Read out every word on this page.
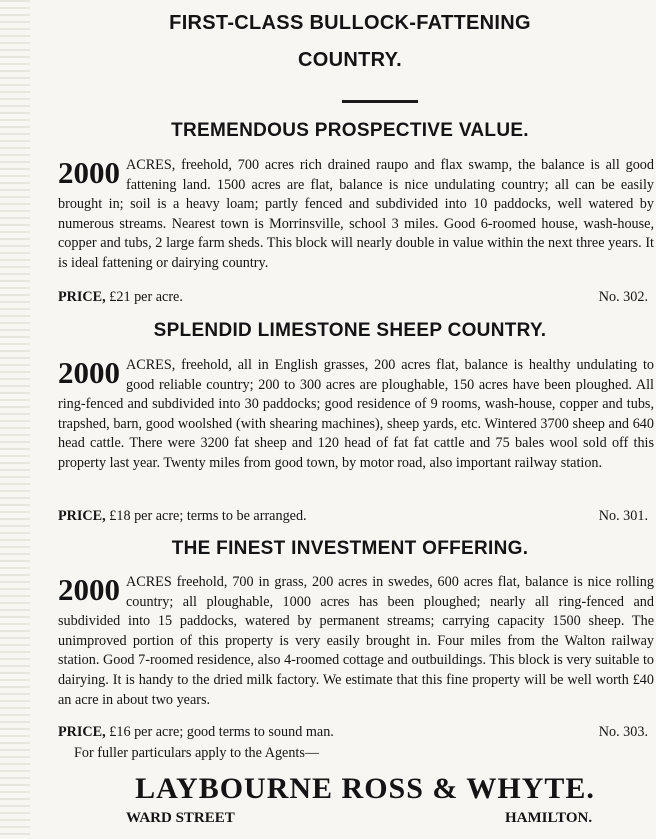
FIRST-CLASS BULLOCK-FATTENING
COUNTRY.
TREMENDOUS PROSPECTIVE VALUE.
2000 ACRES, freehold, 700 acres rich drained raupo and flax swamp, the balance is all good fattening land. 1500 acres are flat, balance is nice undulating country; all can be easily brought in; soil is a heavy loam; partly fenced and subdivided into 10 paddocks, well watered by numerous streams. Nearest town is Morrinsville, school 3 miles. Good 6-roomed house, wash-house, copper and tubs, 2 large farm sheds. This block will nearly double in value within the next three years. It is ideal fattening or dairying country.
PRICE, £21 per acre.	No. 302.
SPLENDID LIMESTONE SHEEP COUNTRY.
2000 ACRES, freehold, all in English grasses, 200 acres flat, balance is healthy undulating to good reliable country; 200 to 300 acres are ploughable, 150 acres have been ploughed. All ring-fenced and subdivided into 30 paddocks; good residence of 9 rooms, wash-house, copper and tubs, trapshed, barn, good woolshed (with shearing machines), sheep yards, etc. Wintered 3700 sheep and 640 head cattle. There were 3200 fat sheep and 120 head of fat fat cattle and 75 bales wool sold off this property last year. Twenty miles from good town, by motor road, also important railway station.
PRICE, £18 per acre; terms to be arranged.	No. 301.
THE FINEST INVESTMENT OFFERING.
2000 ACRES freehold, 700 in grass, 200 acres in swedes, 600 acres flat, balance is nice rolling country; all ploughable, 1000 acres has been ploughed; nearly all ring-fenced and subdivided into 15 paddocks, watered by permanent streams; carrying capacity 1500 sheep. The unimproved portion of this property is very easily brought in. Four miles from the Walton railway station. Good 7-roomed residence, also 4-roomed cottage and outbuildings. This block is very suitable to dairying. It is handy to the dried milk factory. We estimate that this fine property will be well worth £40 an acre in about two years.
PRICE, £16 per acre; good terms to sound man.	No. 303.
For fuller particulars apply to the Agents—
LAYBOURNE ROSS & WHYTE.
WARD STREET	HAMILTON.
